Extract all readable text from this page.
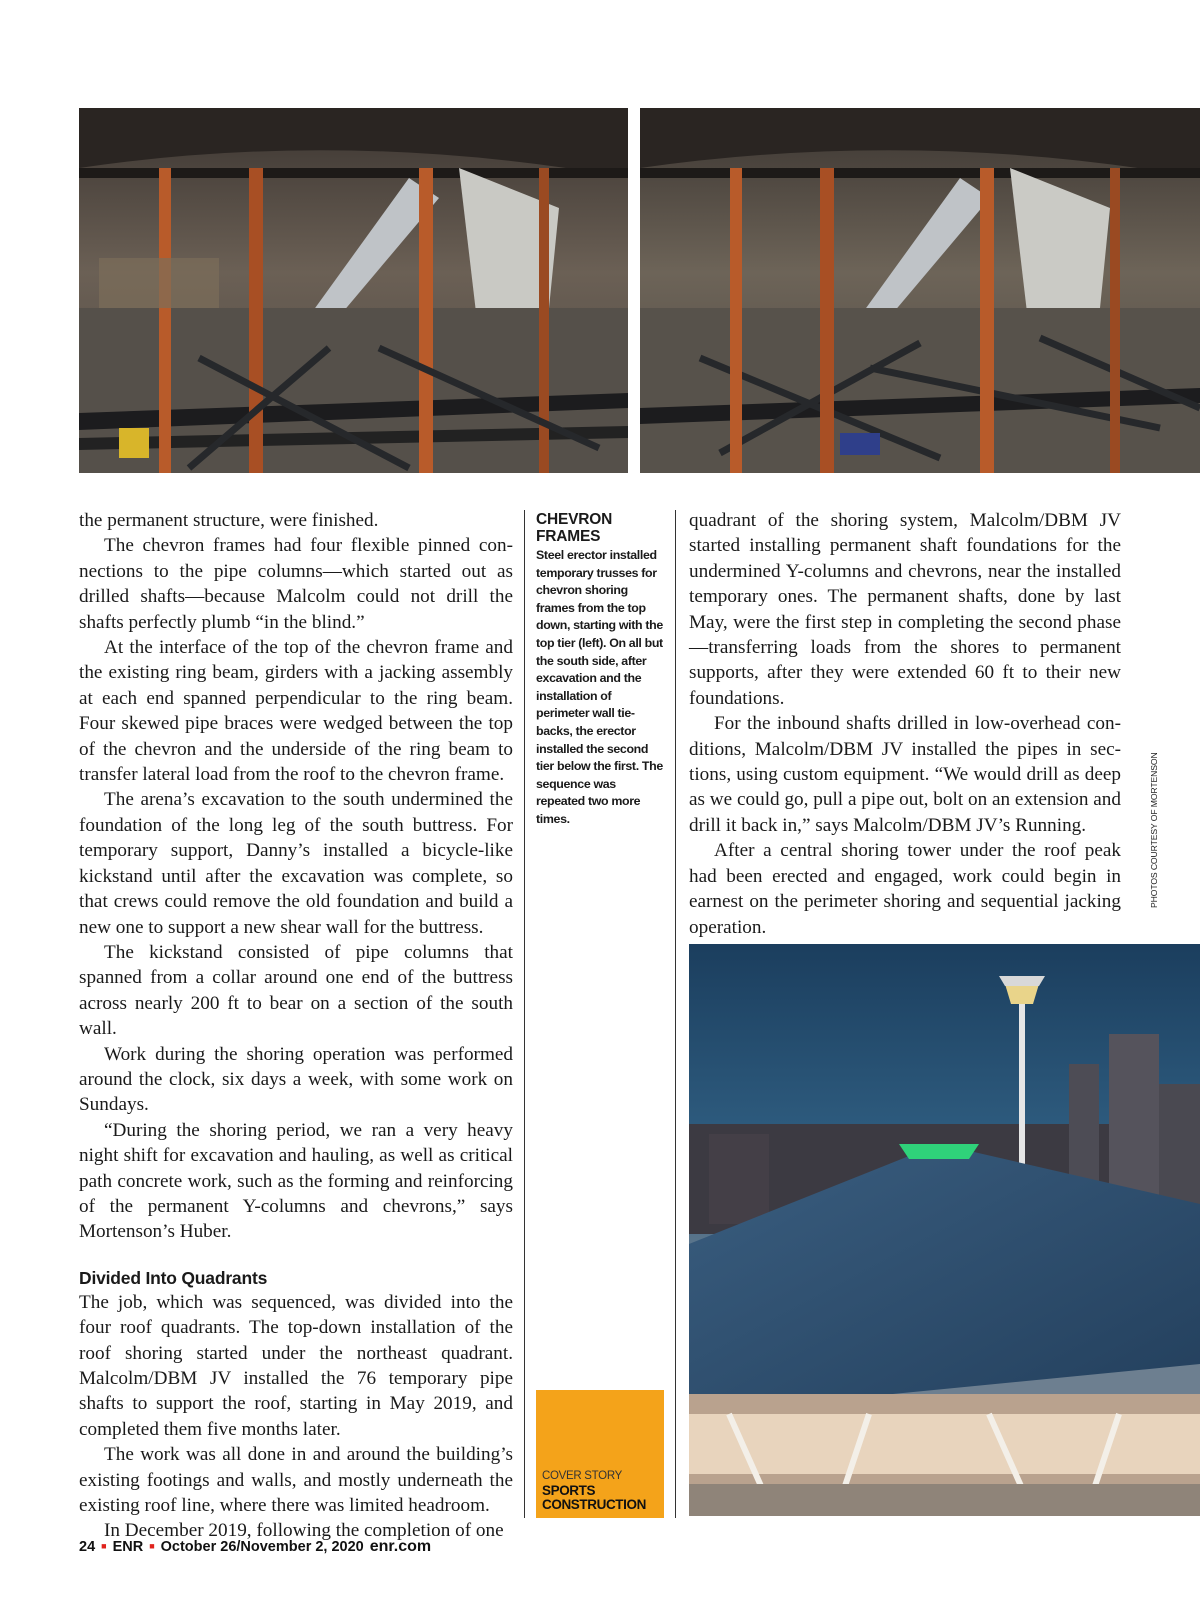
the permanent structure, were finished.

The chevron frames had four flexible pinned connections to the pipe columns—which started out as drilled shafts—because Malcolm could not drill the shafts perfectly plumb “in the blind.”

At the interface of the top of the chevron frame and the existing ring beam, girders with a jacking assembly at each end spanned perpendicular to the ring beam. Four skewed pipe braces were wedged between the top of the chevron and the underside of the ring beam to transfer lateral load from the roof to the chevron frame.

The arena’s excavation to the south undermined the foundation of the long leg of the south buttress. For temporary support, Danny’s installed a bicycle-like kickstand until after the excavation was complete, so that crews could remove the old foundation and build a new one to support a new shear wall for the buttress.

The kickstand consisted of pipe columns that spanned from a collar around one end of the buttress across nearly 200 ft to bear on a section of the south wall.

Work during the shoring operation was performed around the clock, six days a week, with some work on Sundays.

“During the shoring period, we ran a very heavy night shift for excavation and hauling, as well as critical path concrete work, such as the forming and reinforcing of the permanent Y-columns and chevrons,” says Mortenson’s Huber.

Divided Into Quadrants

The job, which was sequenced, was divided into the four roof quadrants. The top-down installation of the roof shoring started under the northeast quadrant. Malcolm/DBM JV installed the 76 temporary pipe shafts to support the roof, starting in May 2019, and completed them five months later.

The work was all done in and around the building’s existing footings and walls, and mostly underneath the existing roof line, where there was limited headroom.

In December 2019, following the completion of one

CHEVRON FRAMES
Steel erector installed temporary trusses for chevron shoring frames from the top down, starting with the top tier (left). On all but the south side, after excavation and the installation of perimeter wall tie-backs, the erector installed the second tier below the first. The sequence was repeated two more times.
COVER STORY
SPORTS
CONSTRUCTION

quadrant of the shoring system, Malcolm/DBM JV started installing permanent shaft foundations for the undermined Y-columns and chevrons, near the installed temporary ones. The permanent shafts, done by last May, were the first step in completing the second phase—transferring loads from the shores to permanent supports, after they were extended 60 ft to their new foundations.

For the inbound shafts drilled in low-overhead conditions, Malcolm/DBM JV installed the pipes in sections, using custom equipment. “We would drill as deep as we could go, pull a pipe out, bolt on an extension and drill it back in,” says Malcolm/DBM JV’s Running.

After a central shoring tower under the roof peak had been erected and engaged, work could begin in earnest on the perimeter shoring and sequential jacking operation.

PHOTOS COURTESY OF MORTENSON
24 ■ ENR ■ October 26/November 2, 2020 enr.com
